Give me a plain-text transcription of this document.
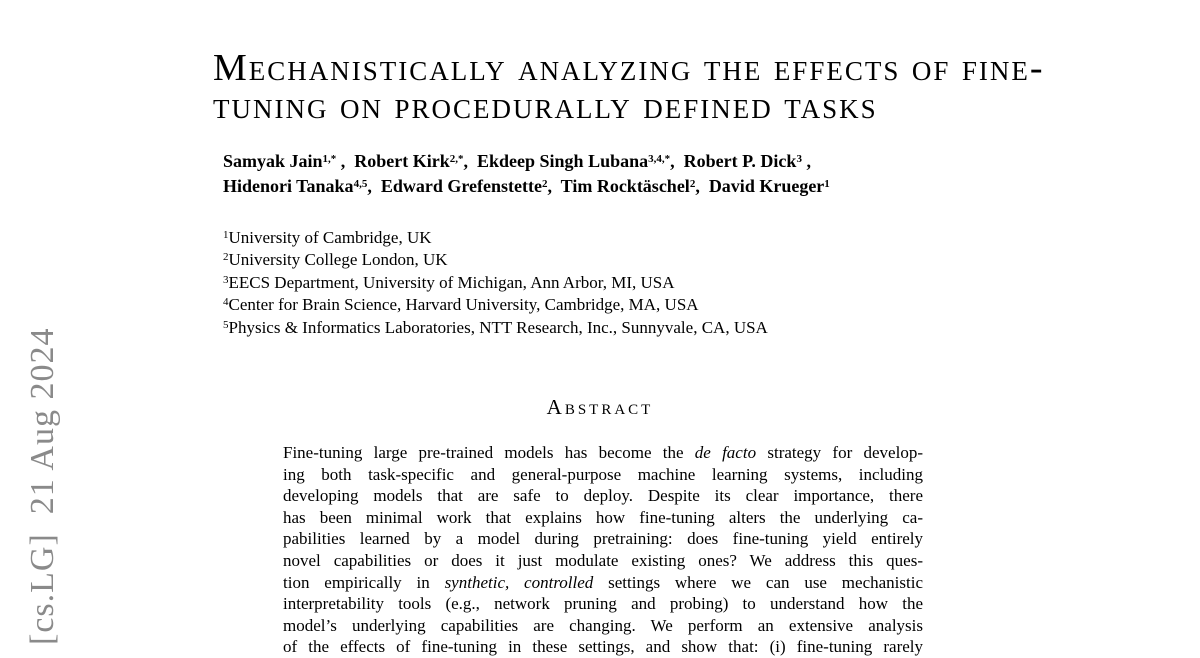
[cs.LG]  21 Aug 2024
Mechanistically analyzing the effects of fine-
tuning on procedurally defined tasks
Samyak Jain$^{1,*}$ ,  Robert Kirk$^{2,*}$,  Ekdeep Singh Lubana$^{3,4,*}$,  Robert P. Dick$^3$ ,
Hidenori Tanaka$^{4,5}$,  Edward Grefenstette$^2$,  Tim Rocktäschel$^2$,  David Krueger$^1$
$^1$University of Cambridge, UK
$^2$University College London, UK
$^3$EECS Department, University of Michigan, Ann Arbor, MI, USA
$^4$Center for Brain Science, Harvard University, Cambridge, MA, USA
$^5$Physics & Informatics Laboratories, NTT Research, Inc., Sunnyvale, CA, USA
Abstract
Fine-tuning large pre-trained models has become the de facto strategy for develop-
ing both task-specific and general-purpose machine learning systems, including
developing models that are safe to deploy. Despite its clear importance, there
has been minimal work that explains how fine-tuning alters the underlying ca-
pabilities learned by a model during pretraining: does fine-tuning yield entirely
novel capabilities or does it just modulate existing ones? We address this ques-
tion empirically in synthetic, controlled settings where we can use mechanistic
interpretability tools (e.g., network pruning and probing) to understand how the
model’s underlying capabilities are changing. We perform an extensive analysis
of the effects of fine-tuning in these settings, and show that: (i) fine-tuning rarely
